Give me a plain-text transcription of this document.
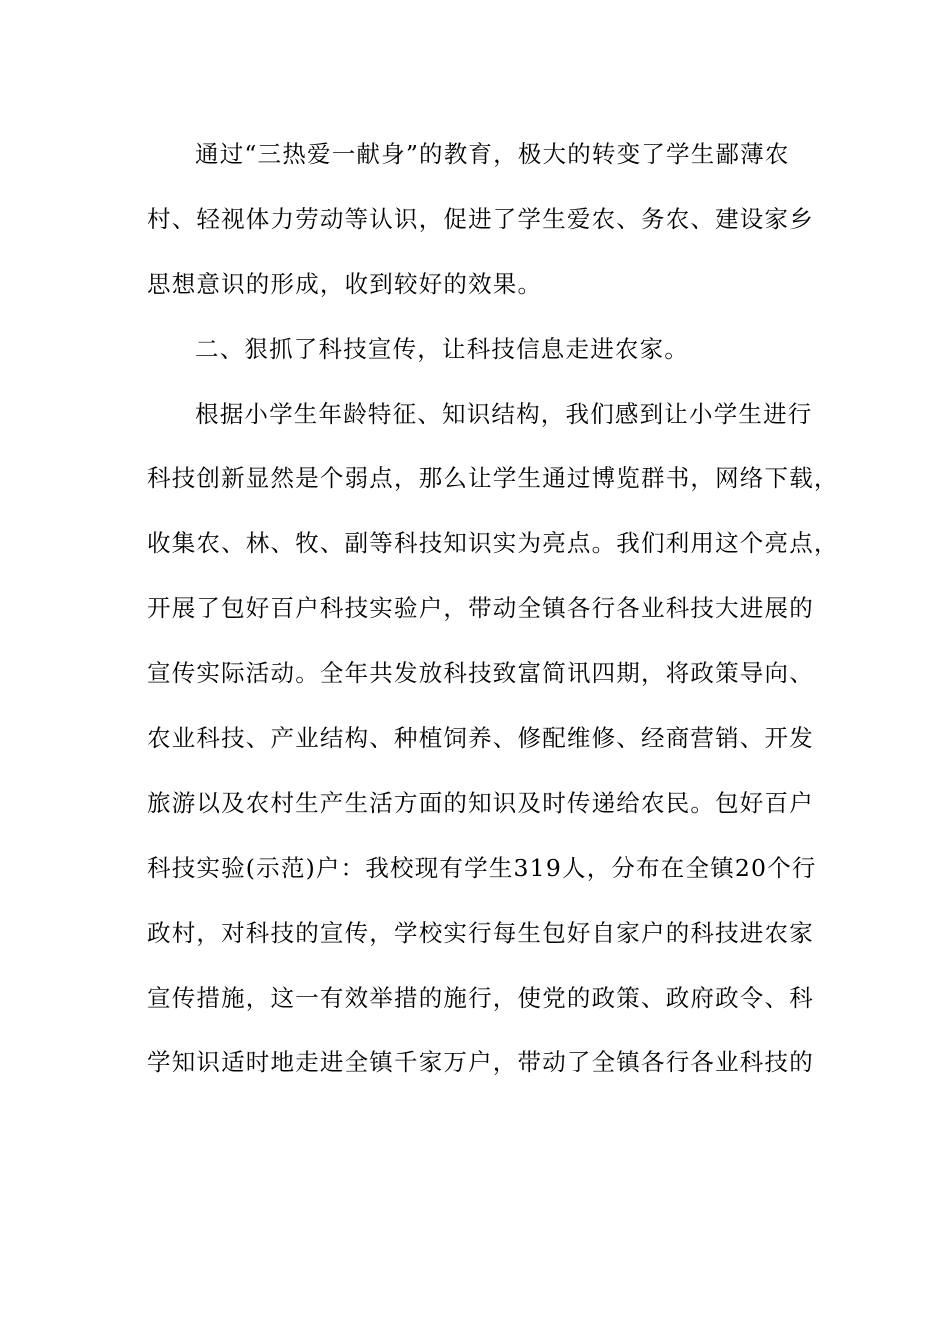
通过“三热爱一献身”的教育，极大的转变了学生鄙薄农
村、轻视体力劳动等认识，促进了学生爱农、务农、建设家乡
思想意识的形成，收到较好的效果。
二、狠抓了科技宣传，让科技信息走进农家。
根据小学生年龄特征、知识结构，我们感到让小学生进行
科技创新显然是个弱点，那么让学生通过博览群书，网络下载，
收集农、林、牧、副等科技知识实为亮点。我们利用这个亮点，
开展了包好百户科技实验户，带动全镇各行各业科技大进展的
宣传实际活动。全年共发放科技致富简讯四期，将政策导向、
农业科技、产业结构、种植饲养、修配维修、经商营销、开发
旅游以及农村生产生活方面的知识及时传递给农民。包好百户
科技实验(示范)户：我校现有学生319人，分布在全镇20个行
政村，对科技的宣传，学校实行每生包好自家户的科技进农家
宣传措施，这一有效举措的施行，使党的政策、政府政令、科
学知识适时地走进全镇千家万户，带动了全镇各行各业科技的
